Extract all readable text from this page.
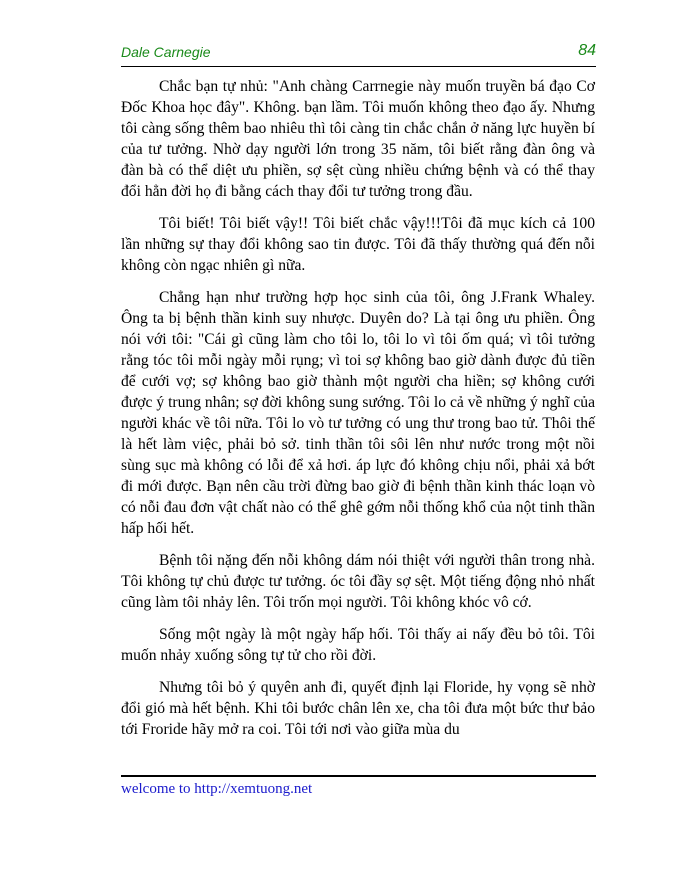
Dale Carnegie	84

Chắc bạn tự nhủ: "Anh chàng Carrnegie này muốn truyền bá đạo Cơ Đốc Khoa học đây". Không. bạn lầm. Tôi muốn không theo đạo ấy. Nhưng tôi càng sống thêm bao nhiêu thì tôi càng tin chắc chắn ở năng lực huyền bí của tư tưởng. Nhờ dạy người lớn trong 35 năm, tôi biết rằng đàn ông và đàn bà có thể diệt ưu phiền, sợ sệt cùng nhiều chứng bệnh và có thể thay đổi hẳn đời họ đi bằng cách thay đổi tư tưởng trong đầu.

Tôi biết! Tôi biết vậy!! Tôi biết chắc vậy!!!Tôi đã mục kích cả 100 lần những sự thay đổi không sao tin được. Tôi đã thấy thường quá đến nỗi không còn ngạc nhiên gì nữa.

Chẳng hạn như trường hợp học sinh của tôi, ông J.Frank Whaley. Ông ta bị bệnh thần kinh suy nhược. Duyên do? Là tại ông ưu phiền. Ông nói với tôi: "Cái gì cũng làm cho tôi lo, tôi lo vì tôi ốm quá; vì tôi tưởng rằng tóc tôi mỗi ngày mỗi rụng; vì toi sợ không bao giờ dành được đủ tiền để cưới vợ; sợ không bao giờ thành một người cha hiền; sợ không cưới được ý trung nhân; sợ đời không sung sướng. Tôi lo cả về những ý nghĩ của người khác về tôi nữa. Tôi lo vò tư tưởng có ung thư trong bao tử. Thôi thế là hết làm việc, phải bỏ sở. tinh thần tôi sôi lên như nước trong một nồi sùng sục mà không có lỗi để xả hơi. áp lực đó không chịu nổi, phải xả bớt đi mới được. Bạn nên cầu trời đừng bao giờ đi bệnh thần kinh thác loạn vò có nỗi đau đơn vật chất nào có thể ghê gớm nỗi thống khổ của nột tinh thần hấp hối hết.

Bệnh tôi nặng đến nỗi không dám nói thiệt với người thân trong nhà. Tôi không tự chủ được tư tưởng. óc tôi đầy sợ sệt. Một tiếng động nhỏ nhất cũng làm tôi nhảy lên. Tôi trốn mọi người. Tôi không khóc vô cớ.

Sống một ngày là một ngày hấp hối. Tôi thấy ai nấy đều bỏ tôi. Tôi muốn nhảy xuống sông tự tử cho rồi đời.

Nhưng tôi bỏ ý quyên anh đi, quyết định lại Floride, hy vọng sẽ nhờ đổi gió mà hết bệnh. Khi tôi bước chân lên xe, cha tôi đưa một bức thư bảo tới Froride hãy mở ra coi. Tôi tới nơi vào giữa mùa du

welcome to http://xemtuong.net
